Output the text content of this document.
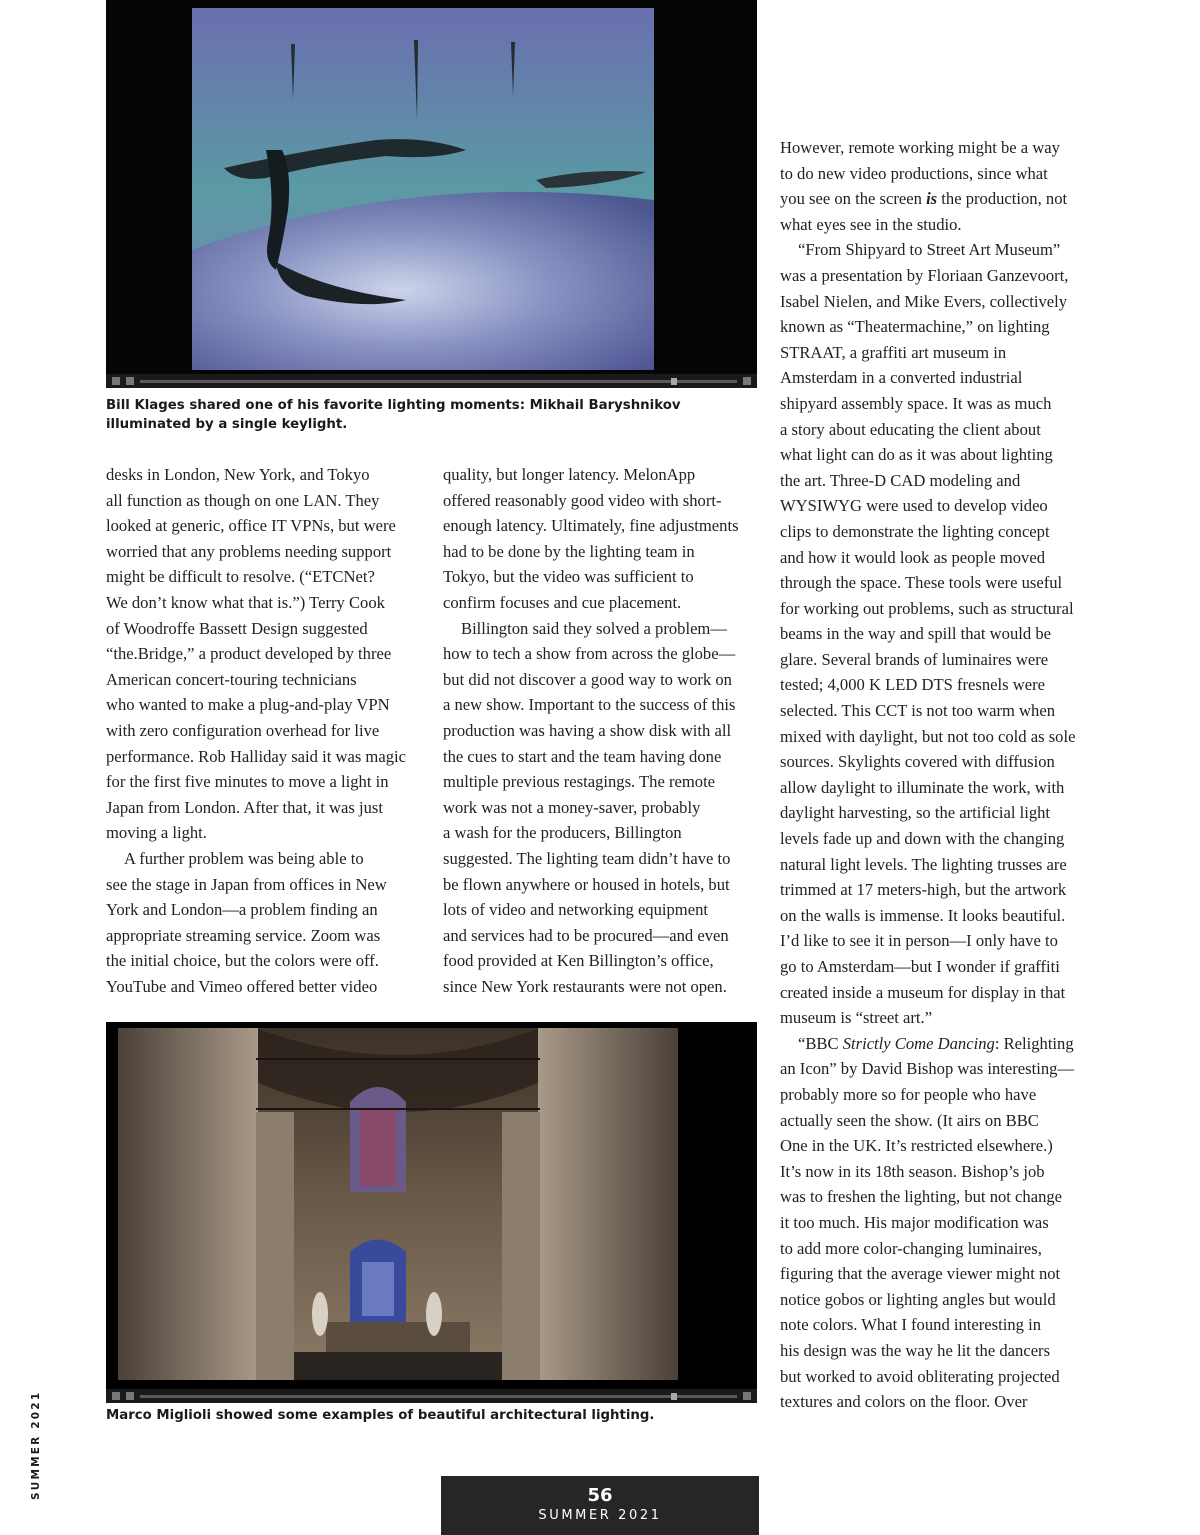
Bill Klages shared one of his favorite lighting moments: Mikhail Baryshnikov illuminated by a single keylight.
Marco Miglioli showed some examples of beautiful architectural lighting.
desks in London, New York, and Tokyo
all function as though on one LAN. They
looked at generic, office IT VPNs, but were
worried that any problems needing support
might be difficult to resolve. (“ETCNet?
We don’t know what that is.”) Terry Cook
of Woodroffe Bassett Design suggested
“the.Bridge,” a product developed by three
American concert-touring technicians
who wanted to make a plug-and-play VPN
with zero configuration overhead for live
performance. Rob Halliday said it was magic
for the first five minutes to move a light in
Japan from London. After that, it was just
moving a light.
A further problem was being able to
see the stage in Japan from offices in New
York and London—a problem finding an
appropriate streaming service. Zoom was
the initial choice, but the colors were off.
YouTube and Vimeo offered better video
quality, but longer latency. MelonApp
offered reasonably good video with short-
enough latency. Ultimately, fine adjustments
had to be done by the lighting team in
Tokyo, but the video was sufficient to
confirm focuses and cue placement.
Billington said they solved a problem—
how to tech a show from across the globe—
but did not discover a good way to work on
a new show. Important to the success of this
production was having a show disk with all
the cues to start and the team having done
multiple previous restagings. The remote
work was not a money-saver, probably
a wash for the producers, Billington
suggested. The lighting team didn’t have to
be flown anywhere or housed in hotels, but
lots of video and networking equipment
and services had to be procured—and even
food provided at Ken Billington’s office,
since New York restaurants were not open.
However, remote working might be a way
to do new video productions, since what
you see on the screen is the production, not
what eyes see in the studio.
“From Shipyard to Street Art Museum”
was a presentation by Floriaan Ganzevoort,
Isabel Nielen, and Mike Evers, collectively
known as “Theatermachine,” on lighting
STRAAT, a graffiti art museum in
Amsterdam in a converted industrial
shipyard assembly space. It was as much
a story about educating the client about
what light can do as it was about lighting
the art. Three-D CAD modeling and
WYSIWYG were used to develop video
clips to demonstrate the lighting concept
and how it would look as people moved
through the space. These tools were useful
for working out problems, such as structural
beams in the way and spill that would be
glare. Several brands of luminaires were
tested; 4,000 K LED DTS fresnels were
selected. This CCT is not too warm when
mixed with daylight, but not too cold as sole
sources. Skylights covered with diffusion
allow daylight to illuminate the work, with
daylight harvesting, so the artificial light
levels fade up and down with the changing
natural light levels. The lighting trusses are
trimmed at 17 meters-high, but the artwork
on the walls is immense. It looks beautiful.
I’d like to see it in person—I only have to
go to Amsterdam—but I wonder if graffiti
created inside a museum for display in that
museum is “street art.”
“BBC Strictly Come Dancing: Relighting
an Icon” by David Bishop was interesting—
probably more so for people who have
actually seen the show. (It airs on BBC
One in the UK. It’s restricted elsewhere.)
It’s now in its 18th season. Bishop’s job
was to freshen the lighting, but not change
it too much. His major modification was
to add more color-changing luminaires,
figuring that the average viewer might not
notice gobos or lighting angles but would
note colors. What I found interesting in
his design was the way he lit the dancers
but worked to avoid obliterating projected
textures and colors on the floor. Over
SUMMER 2021	56
SUMMER 2021
